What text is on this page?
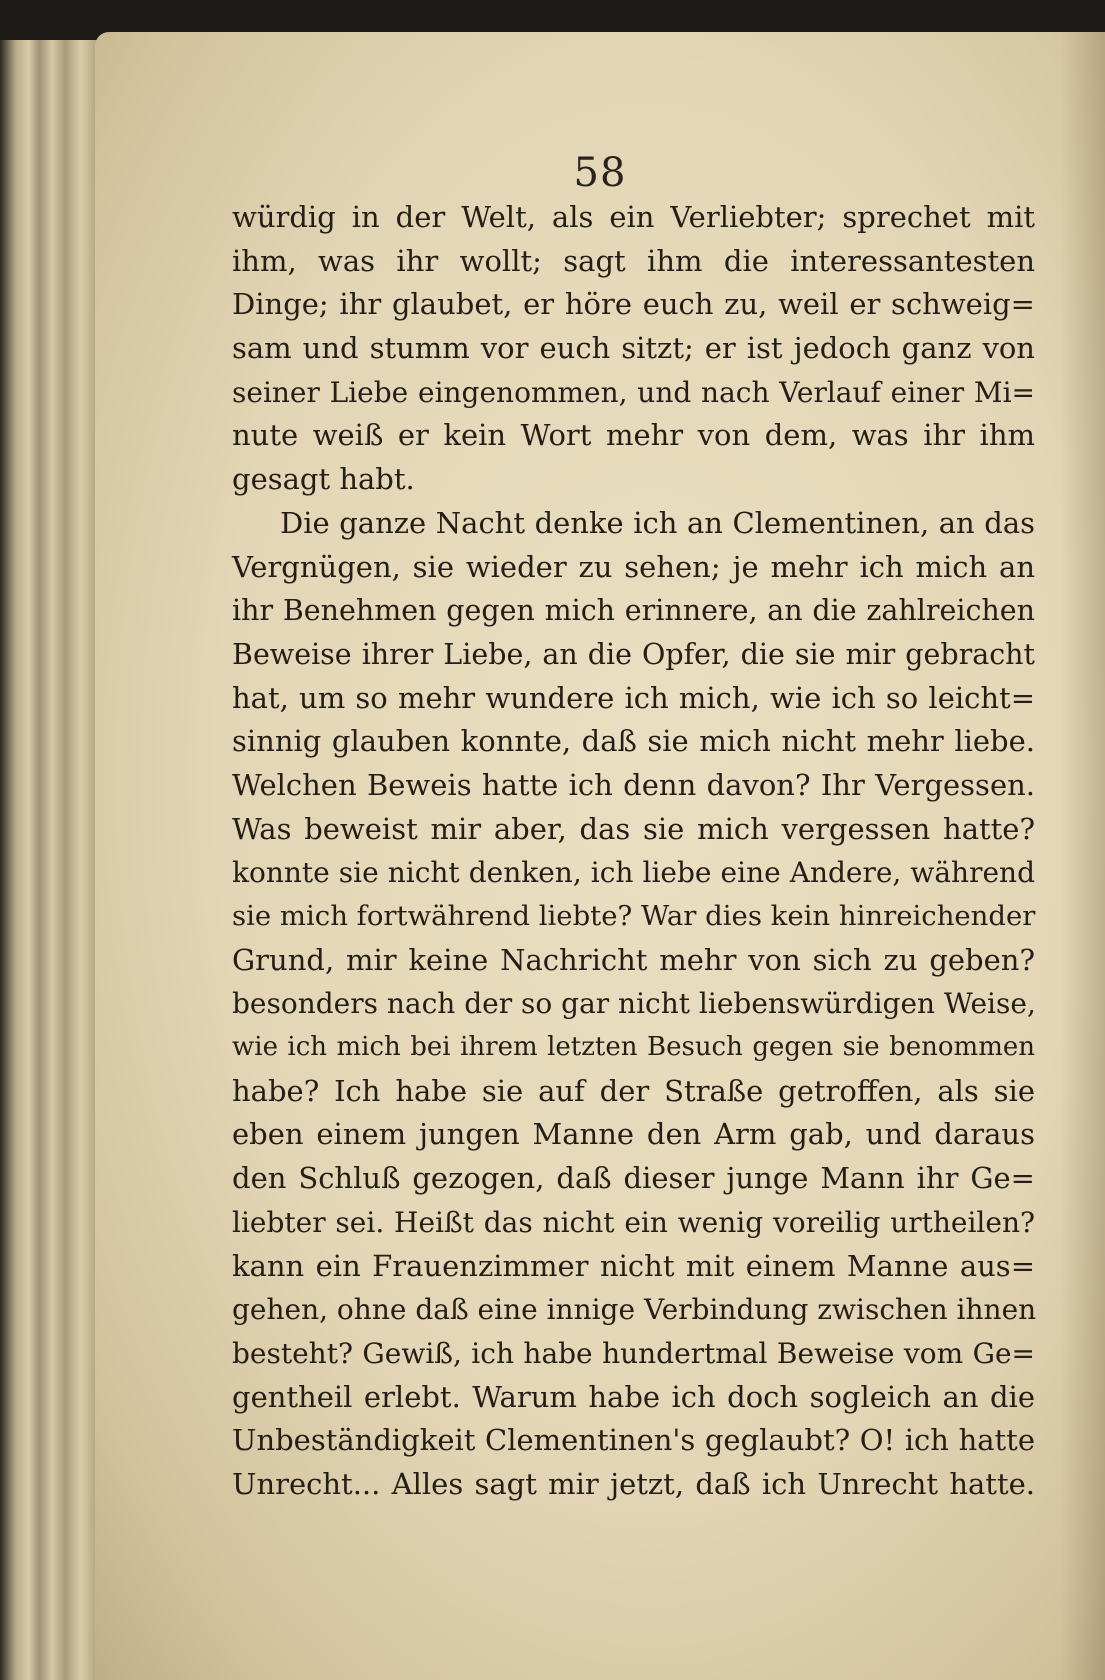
58
würdig in der Welt, als ein Verliebter; sprechet mit
ihm, was ihr wollt; sagt ihm die interessantesten
Dinge; ihr glaubet, er höre euch zu, weil er schweig=
sam und stumm vor euch sitzt; er ist jedoch ganz von
seiner Liebe eingenommen, und nach Verlauf einer Mi=
nute weiß er kein Wort mehr von dem, was ihr ihm
gesagt habt.
Die ganze Nacht denke ich an Clementinen, an das
Vergnügen, sie wieder zu sehen; je mehr ich mich an
ihr Benehmen gegen mich erinnere, an die zahlreichen
Beweise ihrer Liebe, an die Opfer, die sie mir gebracht
hat, um so mehr wundere ich mich, wie ich so leicht=
sinnig glauben konnte, daß sie mich nicht mehr liebe.
Welchen Beweis hatte ich denn davon? Ihr Vergessen.
Was beweist mir aber, das sie mich vergessen hatte?
konnte sie nicht denken, ich liebe eine Andere, während
sie mich fortwährend liebte? War dies kein hinreichender
Grund, mir keine Nachricht mehr von sich zu geben?
besonders nach der so gar nicht liebenswürdigen Weise,
wie ich mich bei ihrem letzten Besuch gegen sie benommen
habe? Ich habe sie auf der Straße getroffen, als sie
eben einem jungen Manne den Arm gab, und daraus
den Schluß gezogen, daß dieser junge Mann ihr Ge=
liebter sei. Heißt das nicht ein wenig voreilig urtheilen?
kann ein Frauenzimmer nicht mit einem Manne aus=
gehen, ohne daß eine innige Verbindung zwischen ihnen
besteht? Gewiß, ich habe hundertmal Beweise vom Ge=
gentheil erlebt. Warum habe ich doch sogleich an die
Unbeständigkeit Clementinen's geglaubt? O! ich hatte
Unrecht... Alles sagt mir jetzt, daß ich Unrecht hatte.
